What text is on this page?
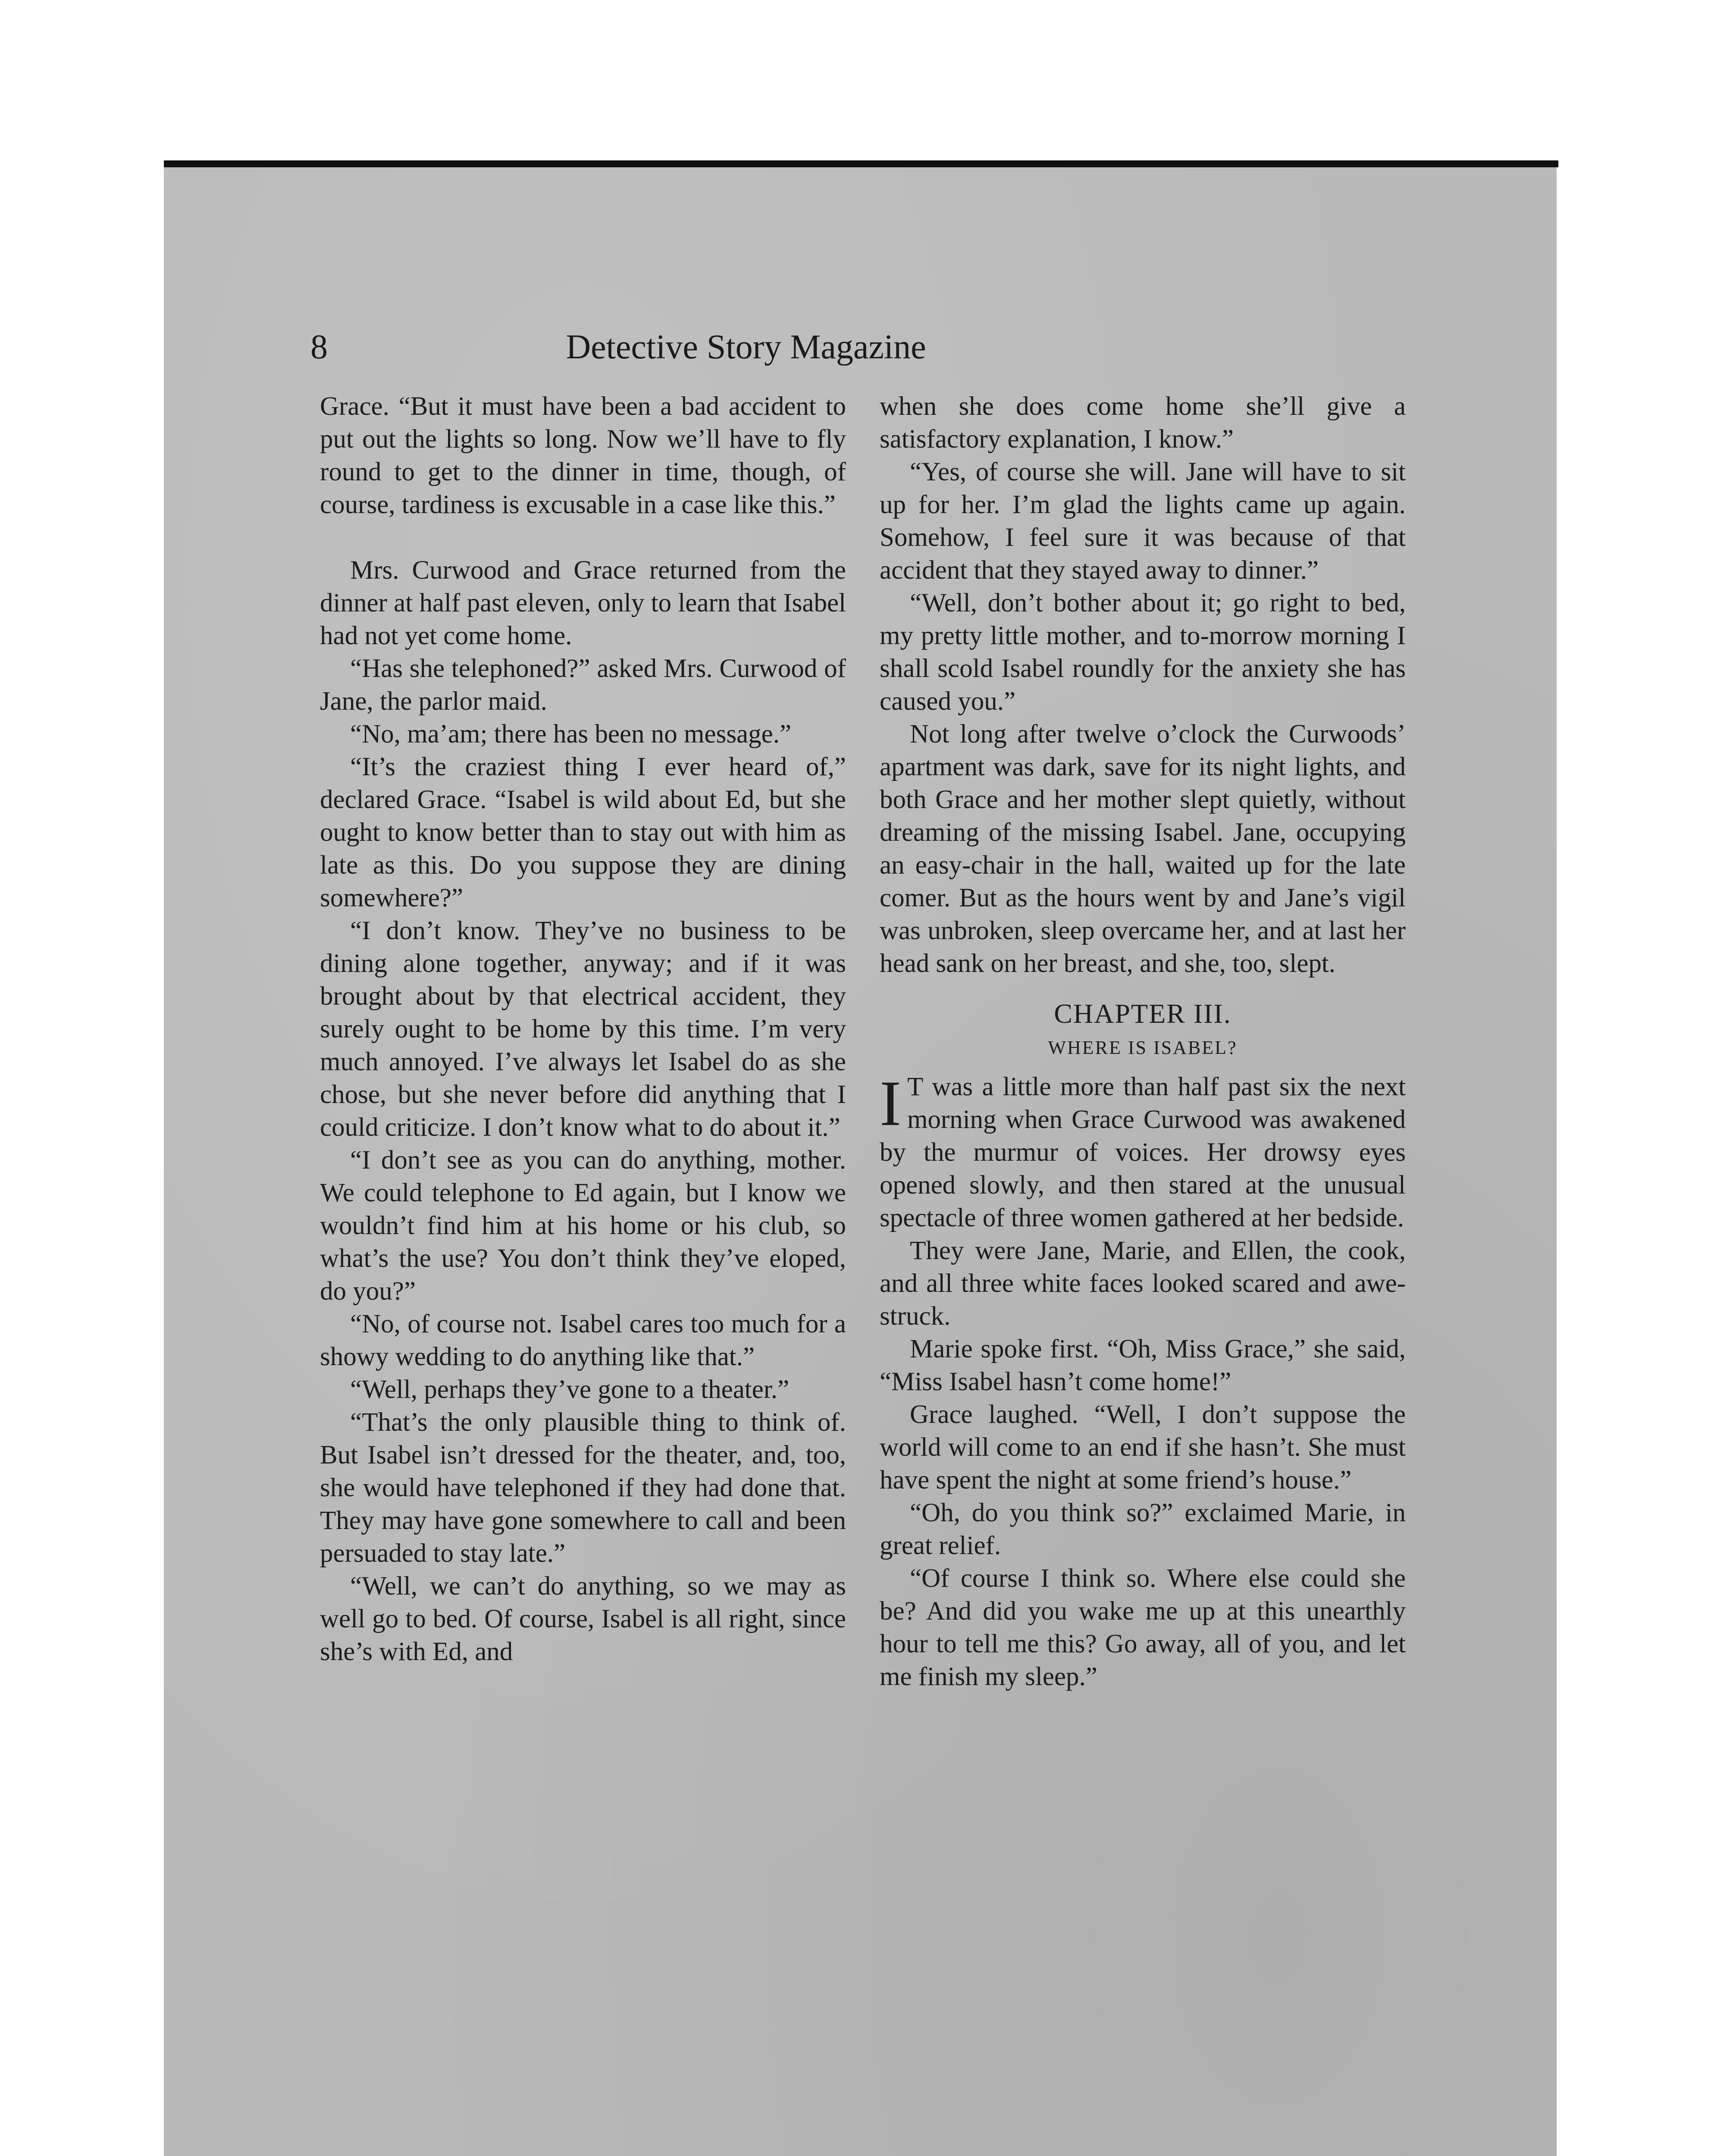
8	Detective Story Magazine

Grace. “But it must have been a bad accident to put out the lights so long. Now we’ll have to fly round to get to the dinner in time, though, of course, tardiness is excusable in a case like this.”

Mrs. Curwood and Grace returned from the dinner at half past eleven, only to learn that Isabel had not yet come home.

“Has she telephoned?” asked Mrs. Curwood of Jane, the parlor maid.

“No, ma’am; there has been no message.”

“It’s the craziest thing I ever heard of,” declared Grace. “Isabel is wild about Ed, but she ought to know better than to stay out with him as late as this. Do you suppose they are dining somewhere?”

“I don’t know. They’ve no business to be dining alone together, anyway; and if it was brought about by that electrical accident, they surely ought to be home by this time. I’m very much annoyed. I’ve always let Isabel do as she chose, but she never before did anything that I could criticize. I don’t know what to do about it.”

“I don’t see as you can do anything, mother. We could telephone to Ed again, but I know we wouldn’t find him at his home or his club, so what’s the use? You don’t think they’ve eloped, do you?”

“No, of course not. Isabel cares too much for a showy wedding to do anything like that.”

“Well, perhaps they’ve gone to a theater.”

“That’s the only plausible thing to think of. But Isabel isn’t dressed for the theater, and, too, she would have telephoned if they had done that. They may have gone somewhere to call and been persuaded to stay late.”

“Well, we can’t do anything, so we may as well go to bed. Of course, Isabel is all right, since she’s with Ed, and

when she does come home she’ll give a satisfactory explanation, I know.”

“Yes, of course she will. Jane will have to sit up for her. I’m glad the lights came up again. Somehow, I feel sure it was because of that accident that they stayed away to dinner.”

“Well, don’t bother about it; go right to bed, my pretty little mother, and to-morrow morning I shall scold Isabel roundly for the anxiety she has caused you.”

Not long after twelve o’clock the Curwoods’ apartment was dark, save for its night lights, and both Grace and her mother slept quietly, without dreaming of the missing Isabel. Jane, occupying an easy-chair in the hall, waited up for the late comer. But as the hours went by and Jane’s vigil was unbroken, sleep overcame her, and at last her head sank on her breast, and she, too, slept.

CHAPTER III.
WHERE IS ISABEL?

I T was a little more than half past six the next morning when Grace Curwood was awakened by the murmur of voices. Her drowsy eyes opened slowly, and then stared at the unusual spectacle of three women gathered at her bedside.

They were Jane, Marie, and Ellen, the cook, and all three white faces looked scared and awe-struck.

Marie spoke first. “Oh, Miss Grace,” she said, “Miss Isabel hasn’t come home!”

Grace laughed. “Well, I don’t suppose the world will come to an end if she hasn’t. She must have spent the night at some friend’s house.”

“Oh, do you think so?” exclaimed Marie, in great relief.

“Of course I think so. Where else could she be? And did you wake me up at this unearthly hour to tell me this? Go away, all of you, and let me finish my sleep.”
